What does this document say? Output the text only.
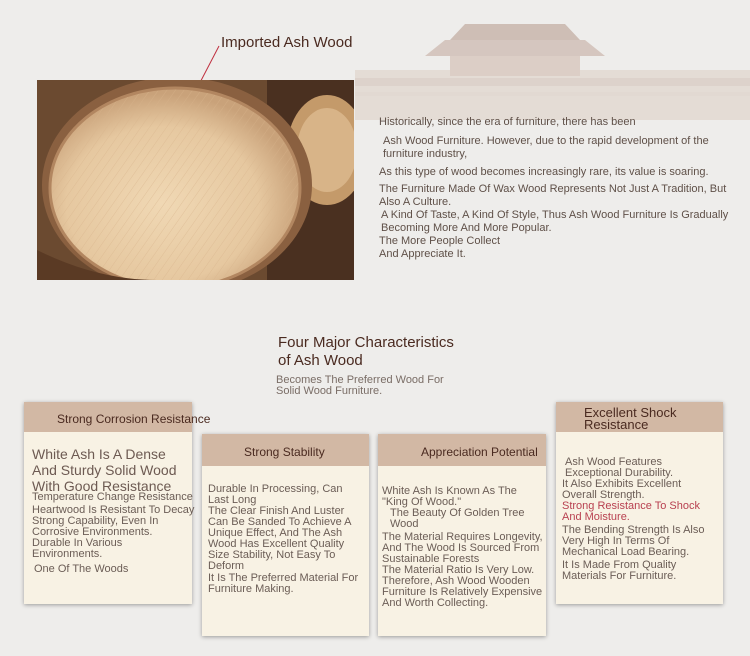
Imported Ash Wood

Historically, since the era of furniture, there has been

Ash Wood Furniture. However, due to the rapid development of the furniture industry,

As this type of wood becomes increasingly rare, its value is soaring.

The Furniture Made Of Wax Wood Represents Not Just A Tradition, But Also A Culture.

A Kind Of Taste, A Kind Of Style, Thus Ash Wood Furniture Is Gradually Becoming More And More Popular.

The More People Collect

And Appreciate It.

Four Major Characteristics
of Ash Wood
Becomes The Preferred Wood For
Solid Wood Furniture.
Strong Corrosion Resistance
White Ash Is A Dense And Sturdy Solid Wood With Good Resistance

Temperature Change Resistance

Heartwood Is Resistant To Decay

Strong Capability, Even In Corrosive Environments.

Durable In Various Environments.

One Of The Woods

Strong Stability

Durable In Processing, Can Last Long

The Clear Finish And Luster Can Be Sanded To Achieve A Unique Effect, And The Ash Wood Has Excellent Quality

Size Stability, Not Easy To Deform

It Is The Preferred Material For Furniture Making.

Appreciation Potential

White Ash Is Known As The "King Of Wood."

The Beauty Of Golden Tree Wood

The Material Requires Longevity, And The Wood Is Sourced From Sustainable Forests

The Material Ratio Is Very Low. Therefore, Ash Wood Wooden Furniture Is Relatively Expensive And Worth Collecting.

Excellent Shock Resistance

Ash Wood Features Exceptional Durability.

It Also Exhibits Excellent Overall Strength.

Strong Resistance To Shock And Moisture.

The Bending Strength Is Also Very High In Terms Of Mechanical Load Bearing.

It Is Made From Quality Materials For Furniture.
